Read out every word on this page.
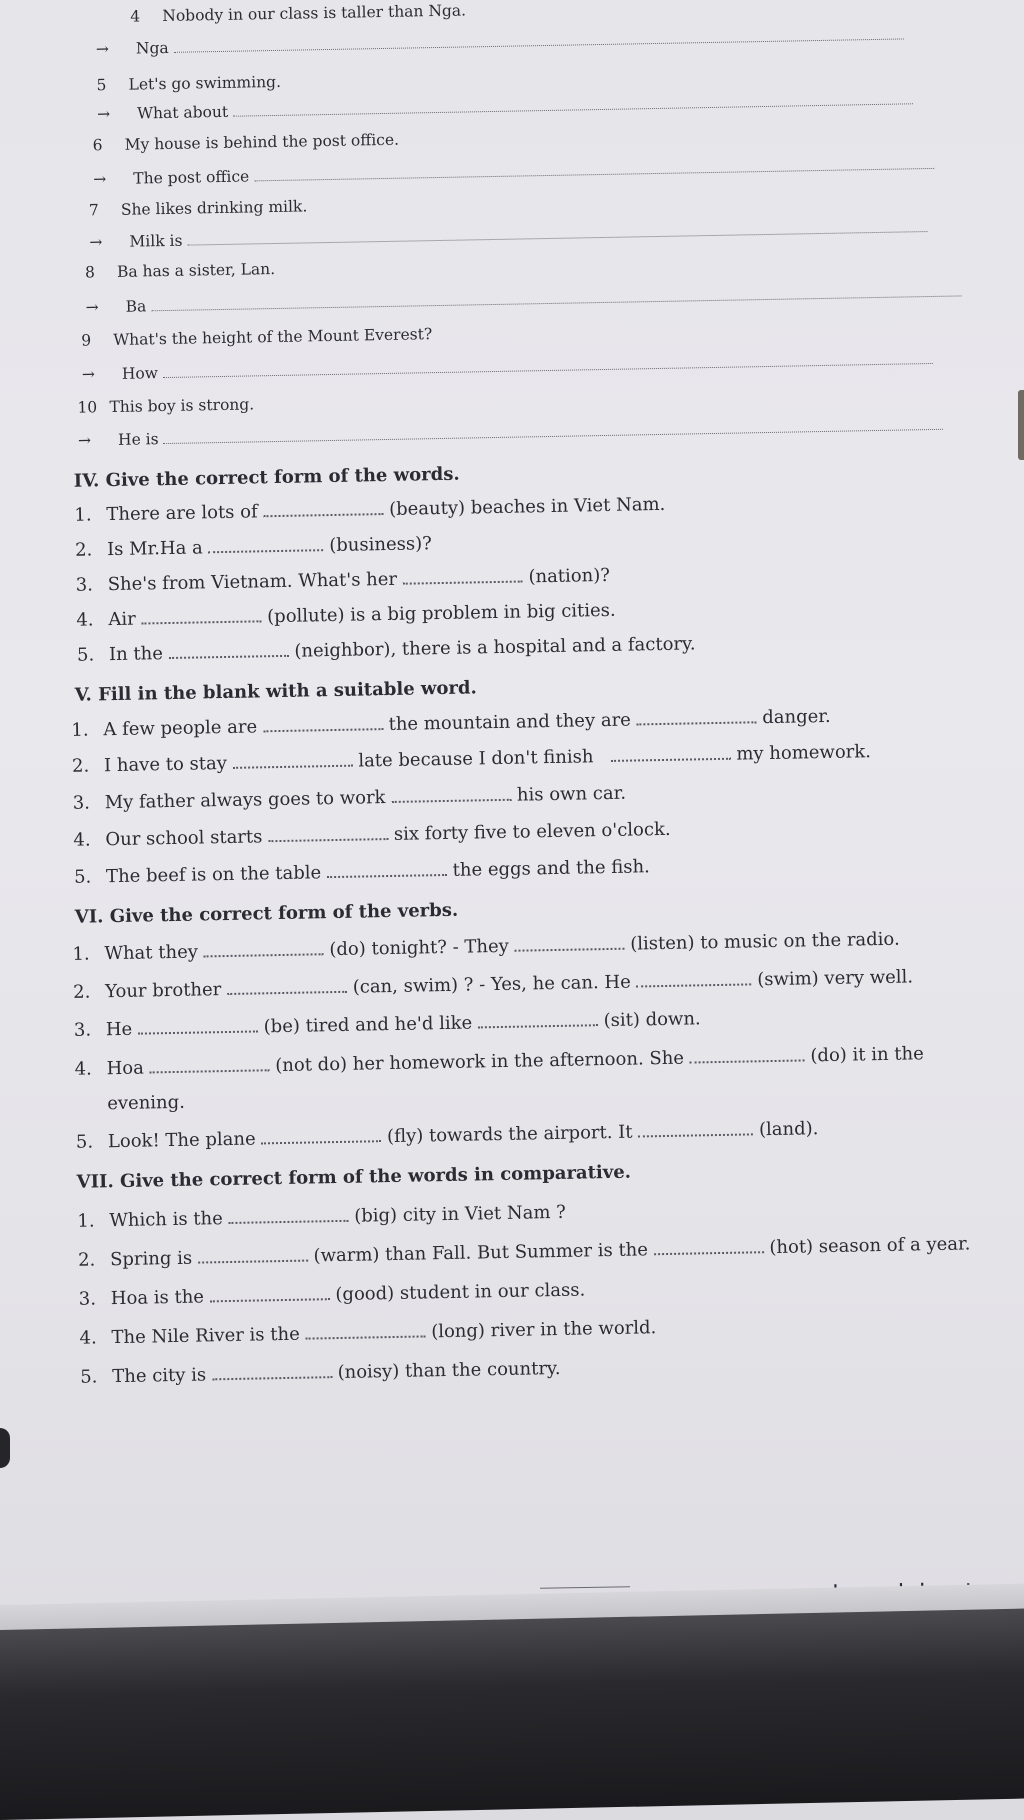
4 Nobody in our class is taller than Nga.
→ Nga
5 Let's go swimming.
→ What about
6 My house is behind the post office.
→ The post office
7 She likes drinking milk.
→ Milk is
8 Ba has a sister, Lan.
→ Ba
9 What's the height of the Mount Everest?
→ How
10 This boy is strong.
→ He is
IV. Give the correct form of the words.
1. There are lots of	(beauty) beaches in Viet Nam.
2. Is Mr.Ha a	(business)?
3. She's from Vietnam. What's her	(nation)?
4. Air	(pollute) is a big problem in big cities.
5. In the	(neighbor), there is a hospital and a factory.
V. Fill in the blank with a suitable word.
1. A few people are	the mountain and they are	danger.
2. I have to stay	late because I don't finish	my homework.
3. My father always goes to work	his own car.
4. Our school starts	six forty five to eleven o'clock.
5. The beef is on the table	the eggs and the fish.
VI. Give the correct form of the verbs.
1. What they	(do) tonight? - They	(listen) to music on the radio.
2. Your brother	(can, swim) ? - Yes, he can. He	(swim) very well.
3. He	(be) tired and he'd like	(sit) down.
4. Hoa	(not do) her homework in the afternoon. She	(do) it in the
evening.
5. Look! The plane	(fly) towards the airport. It	(land).
VII. Give the correct form of the words in comparative.
1. Which is the	(big) city in Viet Nam ?
2. Spring is	(warm) than Fall. But Summer is the	(hot) season of a year.
3. Hoa is the	(good) student in our class.
4. The Nile River is the	(long) river in the world.
5. The city is	(noisy) than the country.
